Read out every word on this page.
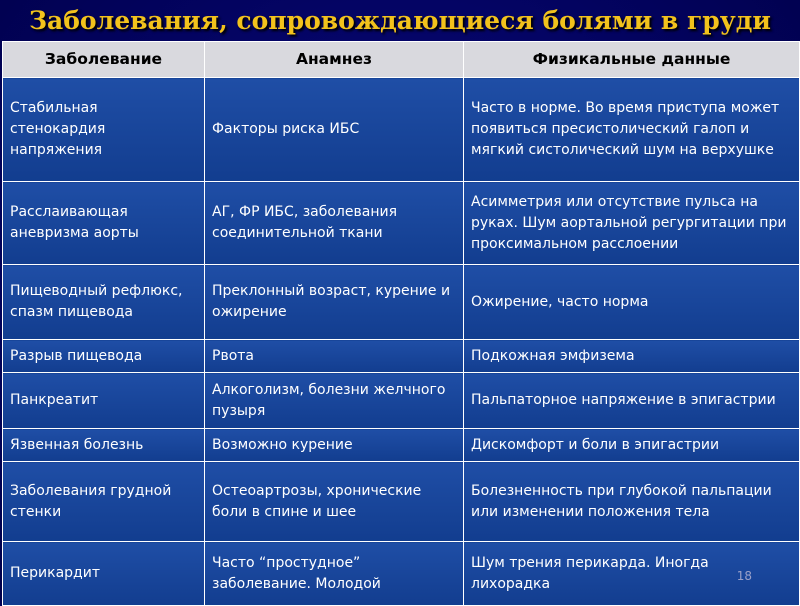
Заболевания, сопровождающиеся болями в груди
Заболевание	Анамнез	Физикальные данные
Стабильная стенокардия напряжения	Факторы риска ИБС	Часто в норме. Во время приступа может появиться пресистолический галоп и мягкий систолический шум на верхушке
Расслаивающая аневризма аорты	АГ, ФР ИБС, заболевания соединительной ткани	Асимметрия или отсутствие пульса на руках. Шум аортальной регургитации при проксимальном расслоении
Пищеводный рефлюкс, спазм пищевода	Преклонный возраст, курение и ожирение	Ожирение, часто норма
Разрыв пищевода	Рвота	Подкожная эмфизема
Панкреатит	Алкоголизм, болезни желчного пузыря	Пальпаторное напряжение в эпигастрии
Язвенная болезнь	Возможно курение	Дискомфорт и боли в эпигастрии
Заболевания грудной стенки	Остеоартрозы, хронические боли в спине и шее	Болезненность при глубокой пальпации или изменении положения тела
Перикардит	Часто “простудное” заболевание. Молодой	Шум трения перикарда. Иногда лихорадка	18
